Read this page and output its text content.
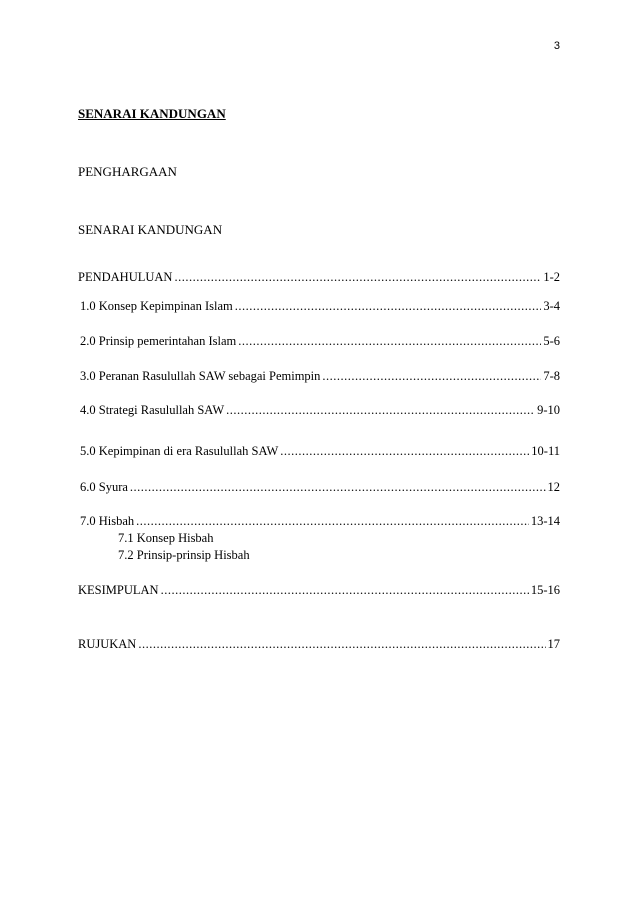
3
SENARAI KANDUNGAN
PENGHARGAAN
SENARAI KANDUNGAN
PENDAHULUAN .....	1-2
1.0 Konsep Kepimpinan Islam .....	3-4
2.0 Prinsip pemerintahan Islam .....	5-6
3.0 Peranan Rasulullah SAW sebagai Pemimpin .....	7-8
4.0 Strategi Rasulullah SAW .....	9-10
5.0 Kepimpinan di era Rasulullah SAW .....	10-11
6.0 Syura .....	12
7.0 Hisbah .....	13-14
7.1 Konsep Hisbah
7.2 Prinsip-prinsip Hisbah
KESIMPULAN .....	15-16
RUJUKAN .....	17
